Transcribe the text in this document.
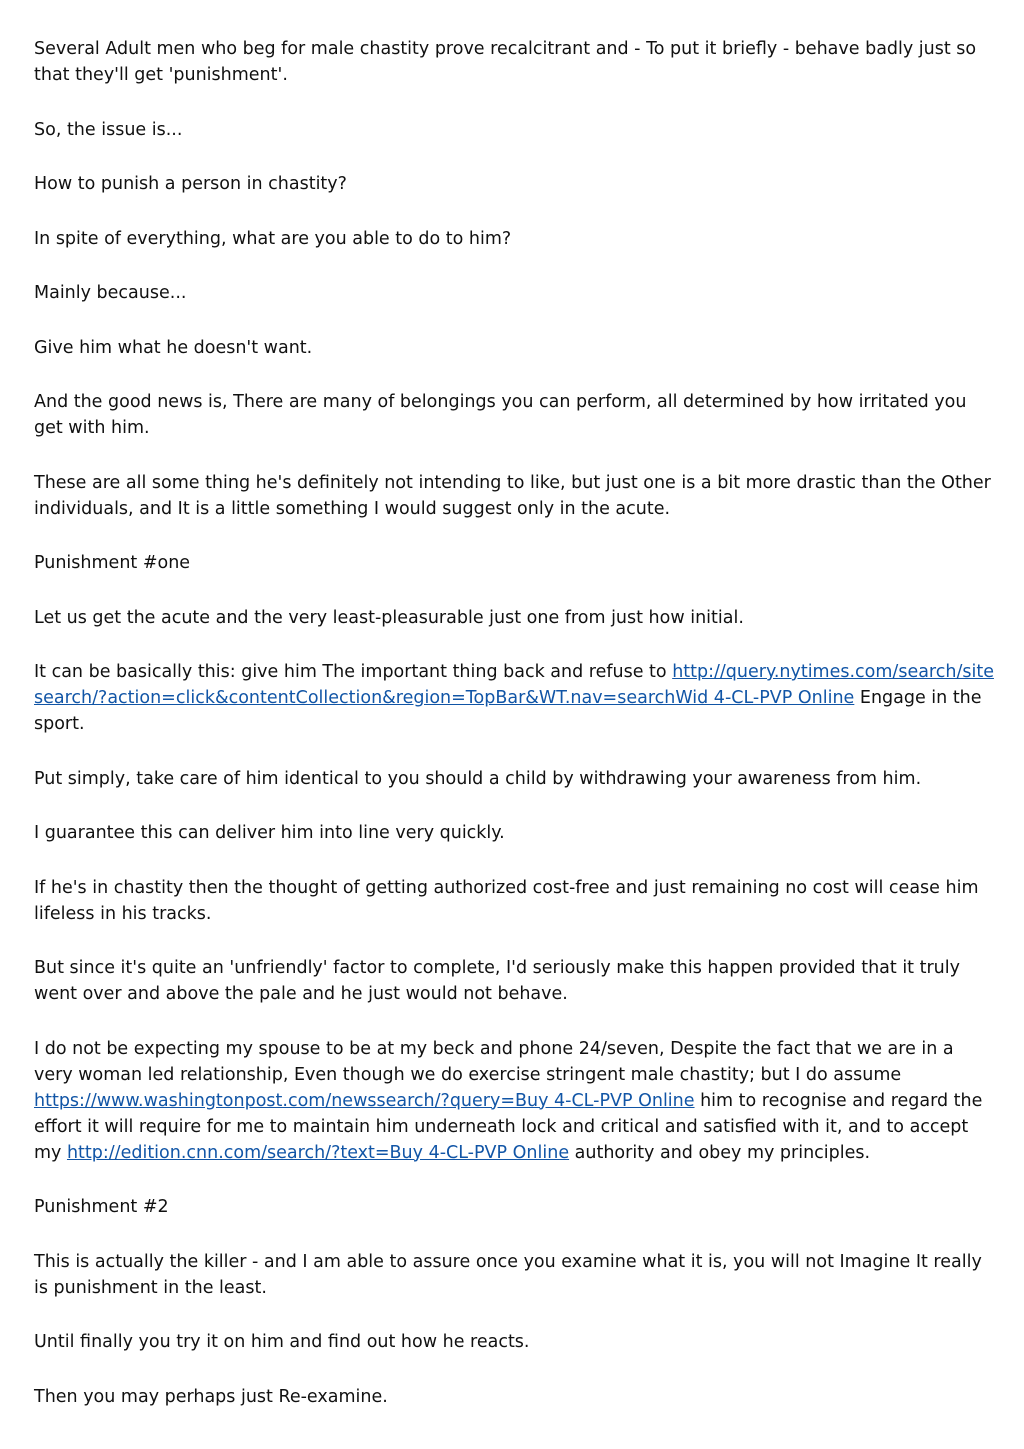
Several Adult men who beg for male chastity prove recalcitrant and - To put it briefly - behave badly just so that they'll get 'punishment'.

So, the issue is...

How to punish a person in chastity?

In spite of everything, what are you able to do to him?

Mainly because...

Give him what he doesn't want.

And the good news is, There are many of belongings you can perform, all determined by how irritated you get with him.

These are all some thing he's definitely not intending to like, but just one is a bit more drastic than the Other individuals, and It is a little something I would suggest only in the acute.

Punishment #one

Let us get the acute and the very least-pleasurable just one from just how initial.

It can be basically this: give him The important thing back and refuse to http://query.nytimes.com/search/sitesearch/?action=click&contentCollection&region=TopBar&WT.nav=searchWid 4-CL-PVP Online Engage in the sport.

Put simply, take care of him identical to you should a child by withdrawing your awareness from him.

I guarantee this can deliver him into line very quickly.

If he's in chastity then the thought of getting authorized cost-free and just remaining no cost will cease him lifeless in his tracks.

But since it's quite an 'unfriendly' factor to complete, I'd seriously make this happen provided that it truly went over and above the pale and he just would not behave.

I do not be expecting my spouse to be at my beck and phone 24/seven, Despite the fact that we are in a very woman led relationship, Even though we do exercise stringent male chastity; but I do assume https://www.washingtonpost.com/newssearch/?query=Buy 4-CL-PVP Online him to recognise and regard the effort it will require for me to maintain him underneath lock and critical and satisfied with it, and to accept my http://edition.cnn.com/search/?text=Buy 4-CL-PVP Online authority and obey my principles.

Punishment #2

This is actually the killer - and I am able to assure once you examine what it is, you will not Imagine It really is punishment in the least.

Until finally you try it on him and find out how he reacts.

Then you may perhaps just Re-examine.
